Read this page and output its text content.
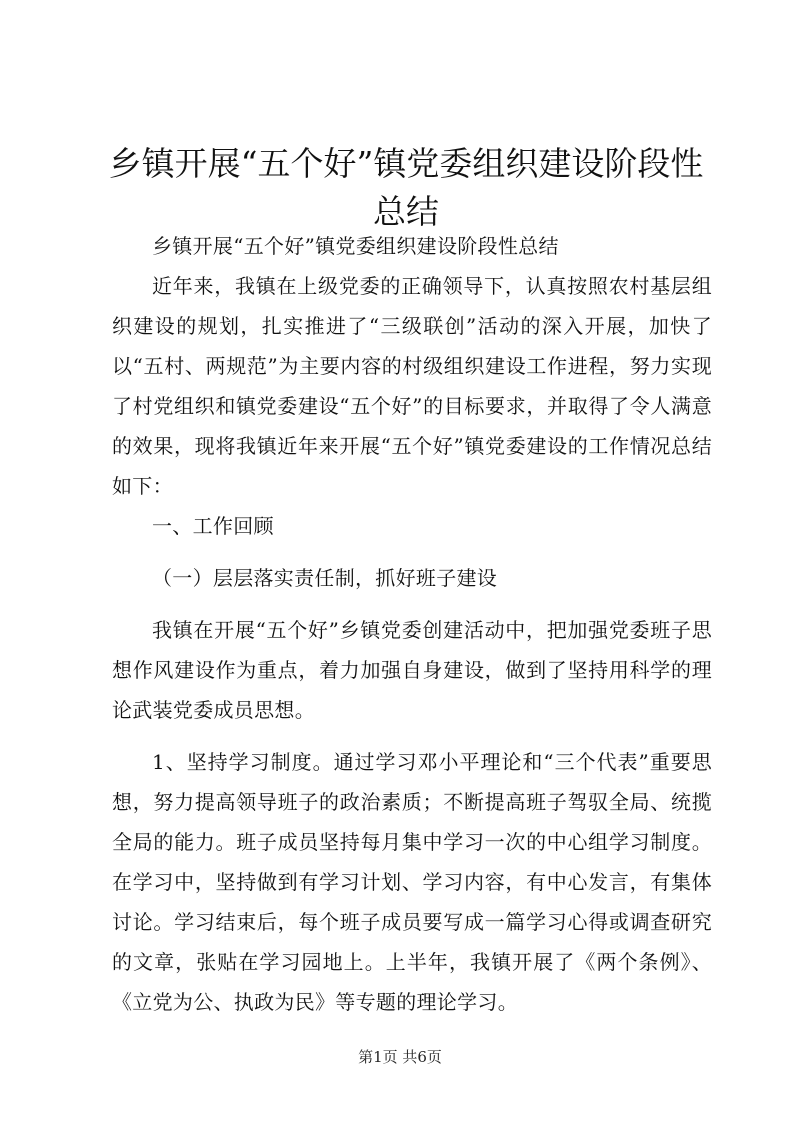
乡镇开展“五个好”镇党委组织建设阶段性总结

乡镇开展“五个好”镇党委组织建设阶段性总结

近年来，我镇在上级党委的正确领导下，认真按照农村基层组织建设的规划，扎实推进了“三级联创”活动的深入开展，加快了以“五村、两规范”为主要内容的村级组织建设工作进程，努力实现了村党组织和镇党委建设“五个好”的目标要求，并取得了令人满意的效果，现将我镇近年来开展“五个好”镇党委建设的工作情况总结如下：

一、工作回顾

（一）层层落实责任制，抓好班子建设

我镇在开展“五个好”乡镇党委创建活动中，把加强党委班子思想作风建设作为重点，着力加强自身建设，做到了坚持用科学的理论武装党委成员思想。

1、坚持学习制度。通过学习邓小平理论和“三个代表”重要思想，努力提高领导班子的政治素质；不断提高班子驾驭全局、统揽全局的能力。班子成员坚持每月集中学习一次的中心组学习制度。在学习中，坚持做到有学习计划、学习内容，有中心发言，有集体讨论。学习结束后，每个班子成员要写成一篇学习心得或调查研究的文章，张贴在学习园地上。上半年，我镇开展了《两个条例》、《立党为公、执政为民》等专题的理论学习。

第1页 共6页
